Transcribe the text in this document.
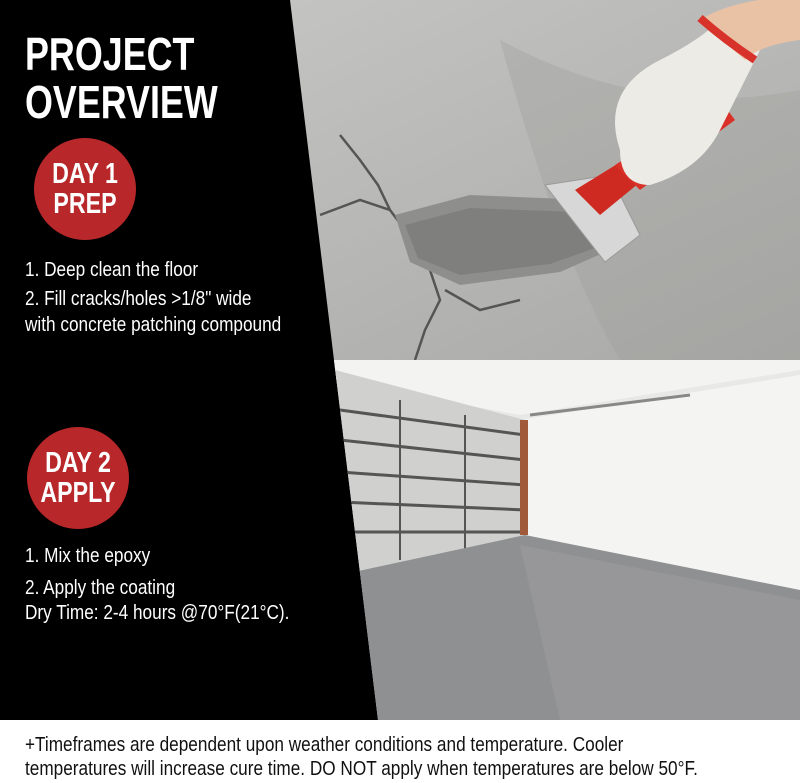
PROJECT
OVERVIEW
DAY 1
PREP
1. Deep clean the floor
2. Fill cracks/holes >1/8" wide
with concrete patching compound
DAY 2
APPLY
1. Mix the epoxy
2. Apply the coating
Dry Time: 2-4 hours @70°F(21°C).
+Timeframes are dependent upon weather conditions and temperature. Cooler
temperatures will increase cure time. DO NOT apply when temperatures are below 50°F.
